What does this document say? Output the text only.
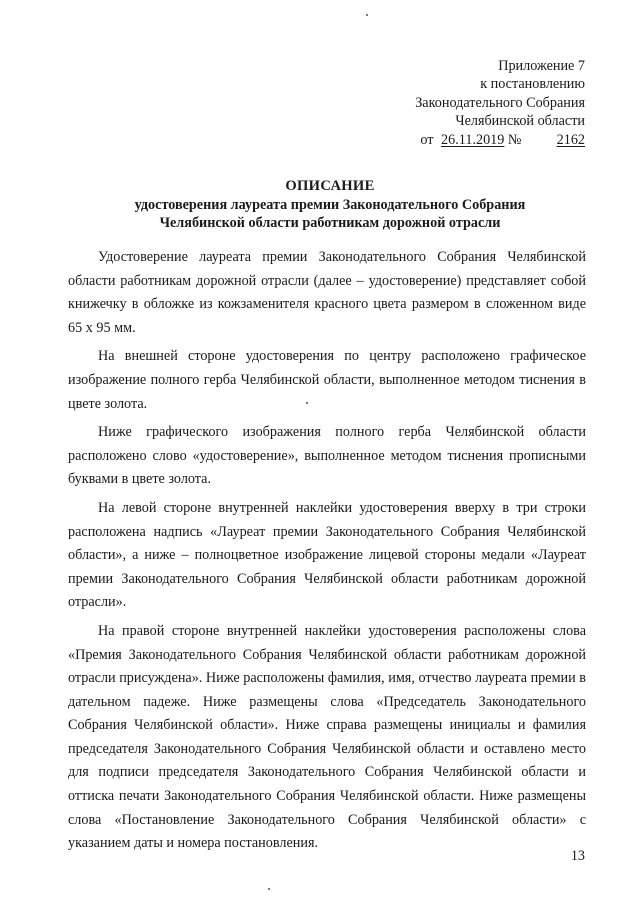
Приложение 7
к постановлению
Законодательного Собрания
Челябинской области
от 26.11.2019 № 2162
ОПИСАНИЕ
удостоверения лауреата премии Законодательного Собрания
Челябинской области работникам дорожной отрасли

Удостоверение лауреата премии Законодательного Собрания Челябинской области работникам дорожной отрасли (далее – удостоверение) представляет собой книжечку в обложке из кожзаменителя красного цвета размером в сложенном виде 65 х 95 мм.

На внешней стороне удостоверения по центру расположено графическое изображение полного герба Челябинской области, выполненное методом тиснения в цвете золота.

Ниже графического изображения полного герба Челябинской области расположено слово «удостоверение», выполненное методом тиснения прописными буквами в цвете золота.

На левой стороне внутренней наклейки удостоверения вверху в три строки расположена надпись «Лауреат премии Законодательного Собрания Челябинской области», а ниже – полноцветное изображение лицевой стороны медали «Лауреат премии Законодательного Собрания Челябинской области работникам дорожной отрасли».

На правой стороне внутренней наклейки удостоверения расположены слова «Премия Законодательного Собрания Челябинской области работникам дорожной отрасли присуждена». Ниже расположены фамилия, имя, отчество лауреата премии в дательном падеже. Ниже размещены слова «Председатель Законодательного Собрания Челябинской области». Ниже справа размещены инициалы и фамилия председателя Законодательного Собрания Челябинской области и оставлено место для подписи председателя Законодательного Собрания Челябинской области и оттиска печати Законодательного Собрания Челябинской области. Ниже размещены слова «Постановление Законодательного Собрания Челябинской области» с указанием даты и номера постановления.

13
